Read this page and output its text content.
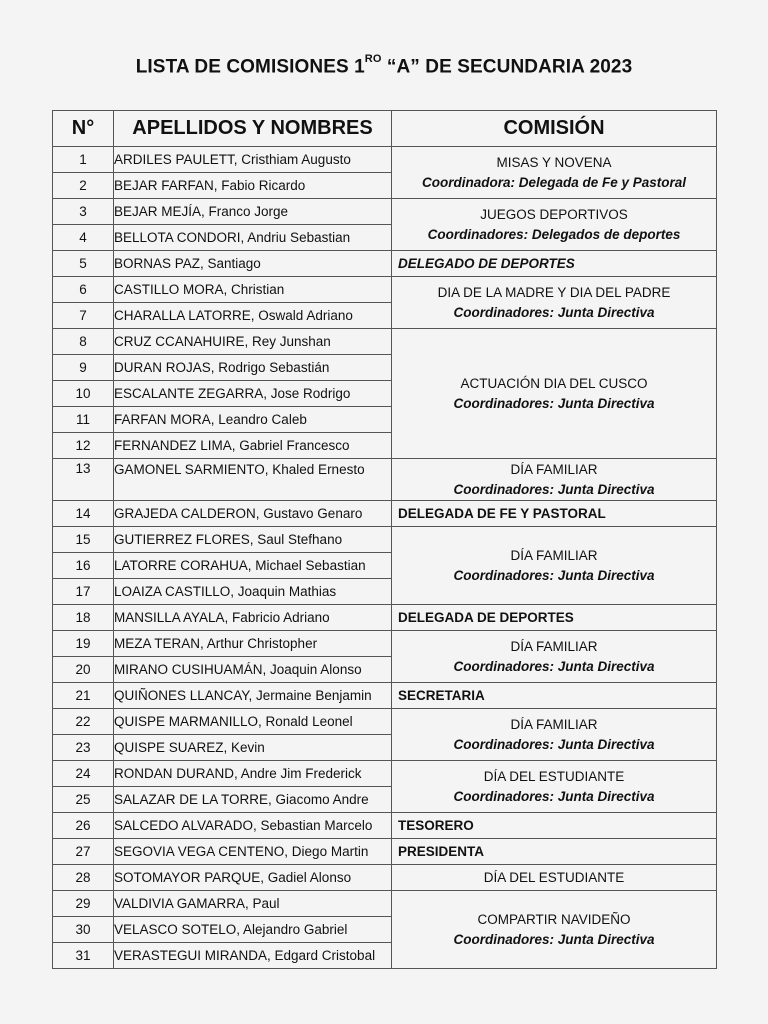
LISTA DE COMISIONES $1^{RO}$ “A” DE SECUNDARIA 2023
N°	APELLIDOS Y NOMBRES	COMISIÓN
1	ARDILES PAULETT, Cristhiam Augusto	MISAS Y NOVENA
Coordinadora: Delegada de Fe y Pastoral

2	BEJAR FARFAN, Fabio Ricardo	
3	BEJAR MEJÍA, Franco Jorge	JUEGOS DEPORTIVOS
Coordinadores: Delegados de deportes

4	BELLOTA CONDORI, Andriu Sebastian	
5	BORNAS PAZ, Santiago	DELEGADO DE DEPORTES
6	CASTILLO MORA, Christian	DIA DE LA MADRE Y DIA DEL PADRE
Coordinadores: Junta Directiva

7	CHARALLA LATORRE, Oswald Adriano	
8	CRUZ CCANAHUIRE, Rey Junshan	ACTUACIÓN DIA DEL CUSCO
Coordinadores: Junta Directiva

9	DURAN ROJAS, Rodrigo Sebastián	
10	ESCALANTE ZEGARRA, Jose Rodrigo	
11	FARFAN MORA, Leandro Caleb	
12	FERNANDEZ LIMA, Gabriel Francesco	
13	GAMONEL SARMIENTO, Khaled Ernesto	DÍA FAMILIAR
Coordinadores: Junta Directiva

14	GRAJEDA CALDERON, Gustavo Genaro	DELEGADA DE FE Y PASTORAL
15	GUTIERREZ FLORES, Saul Stefhano	DÍA FAMILIAR
Coordinadores: Junta Directiva

16	LATORRE CORAHUA, Michael Sebastian	
17	LOAIZA CASTILLO, Joaquin Mathias	
18	MANSILLA AYALA, Fabricio Adriano	DELEGADA DE DEPORTES
19	MEZA TERAN, Arthur Christopher	DÍA FAMILIAR
Coordinadores: Junta Directiva

20	MIRANO CUSIHUAMÁN, Joaquin Alonso	
21	QUIÑONES LLANCAY, Jermaine Benjamin	SECRETARIA
22	QUISPE MARMANILLO, Ronald Leonel	DÍA FAMILIAR
Coordinadores: Junta Directiva

23	QUISPE SUAREZ, Kevin	
24	RONDAN DURAND, Andre Jim Frederick	DÍA DEL ESTUDIANTE
Coordinadores: Junta Directiva

25	SALAZAR DE LA TORRE, Giacomo Andre	
26	SALCEDO ALVARADO, Sebastian Marcelo	TESORERO
27	SEGOVIA VEGA CENTENO, Diego Martin	PRESIDENTA
28	SOTOMAYOR PARQUE, Gadiel Alonso	DÍA DEL ESTUDIANTE

29	VALDIVIA GAMARRA, Paul	COMPARTIR NAVIDEÑO
Coordinadores: Junta Directiva

30	VELASCO SOTELO, Alejandro Gabriel	
31	VERASTEGUI MIRANDA, Edgard Cristobal	
